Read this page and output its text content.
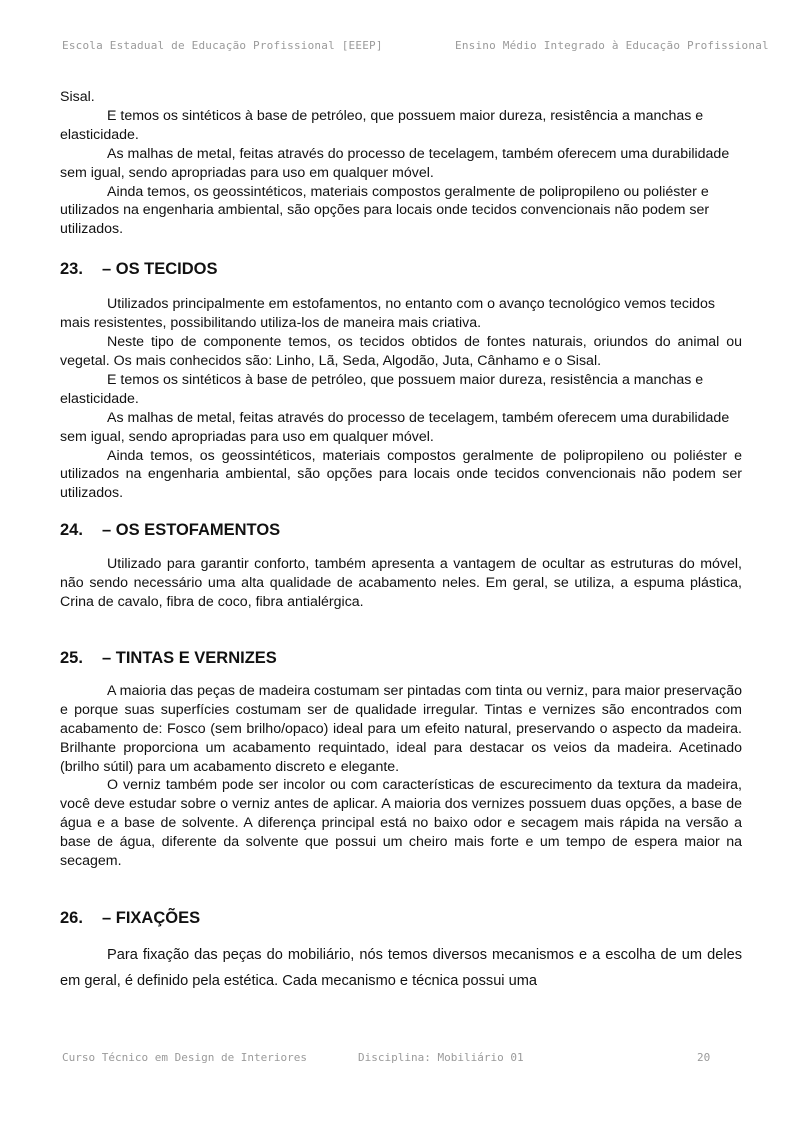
Escola Estadual de Educação Profissional [EEEP]	Ensino Médio Integrado à Educação Profissional

Sisal.

E temos os sintéticos à base de petróleo, que possuem maior dureza, resistência a manchas e elasticidade.

As malhas de metal, feitas através do processo de tecelagem, também oferecem uma durabilidade sem igual, sendo apropriadas para uso em qualquer móvel.

Ainda temos, os geossintéticos, materiais compostos geralmente de polipropileno ou poliéster e utilizados na engenharia ambiental, são opções para locais onde tecidos convencionais não podem ser utilizados.

23. – OS TECIDOS

Utilizados principalmente em estofamentos, no entanto com o avanço tecnológico vemos tecidos mais resistentes, possibilitando utiliza-los de maneira mais criativa.

Neste tipo de componente temos, os tecidos obtidos de fontes naturais, oriundos do animal ou vegetal. Os mais conhecidos são: Linho, Lã, Seda, Algodão, Juta, Cânhamo e o Sisal.

E temos os sintéticos à base de petróleo, que possuem maior dureza, resistência a manchas e elasticidade.

As malhas de metal, feitas através do processo de tecelagem, também oferecem uma durabilidade sem igual, sendo apropriadas para uso em qualquer móvel.

Ainda temos, os geossintéticos, materiais compostos geralmente de polipropileno ou poliéster e utilizados na engenharia ambiental, são opções para locais onde tecidos convencionais não podem ser utilizados.

24. – OS ESTOFAMENTOS

Utilizado para garantir conforto, também apresenta a vantagem de ocultar as estruturas do móvel, não sendo necessário uma alta qualidade de acabamento neles. Em geral, se utiliza, a espuma plástica, Crina de cavalo, fibra de coco, fibra antialérgica.

25. – TINTAS E VERNIZES

A maioria das peças de madeira costumam ser pintadas com tinta ou verniz, para maior preservação e porque suas superfícies costumam ser de qualidade irregular. Tintas e vernizes são encontrados com acabamento de: Fosco (sem brilho/opaco) ideal para um efeito natural, preservando o aspecto da madeira. Brilhante proporciona um acabamento requintado, ideal para destacar os veios da madeira. Acetinado (brilho sútil) para um acabamento discreto e elegante.

O verniz também pode ser incolor ou com características de escurecimento da textura da madeira, você deve estudar sobre o verniz antes de aplicar. A maioria dos vernizes possuem duas opções, a base de água e a base de solvente. A diferença principal está no baixo odor e secagem mais rápida na versão a base de água, diferente da solvente que possui um cheiro mais forte e um tempo de espera maior na secagem.

26. – FIXAÇÕES

Para fixação das peças do mobiliário, nós temos diversos mecanismos e a escolha de um deles em geral, é definido pela estética. Cada mecanismo e técnica possui uma

Curso Técnico em Design de Interiores	Disciplina: Mobiliário 01	20
